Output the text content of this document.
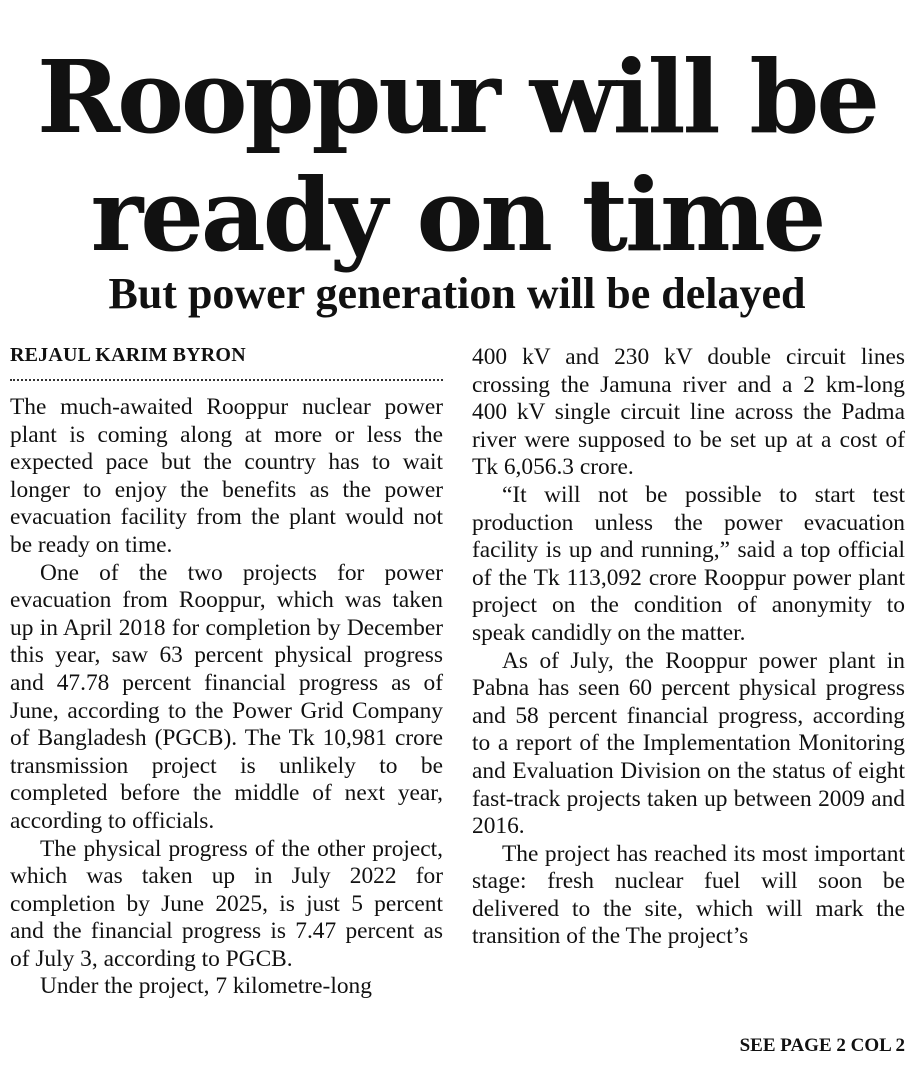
Rooppur will be ready on time
But power generation will be delayed
REJAUL KARIM BYRON

The much-awaited Rooppur nuclear power plant is coming along at more or less the expected pace but the country has to wait longer to enjoy the benefits as the power evacuation facility from the plant would not be ready on time.

One of the two projects for power evacuation from Rooppur, which was taken up in April 2018 for completion by December this year, saw 63 percent physical progress and 47.78 percent financial progress as of June, according to the Power Grid Company of Bangladesh (PGCB). The Tk 10,981 crore transmission project is unlikely to be completed before the middle of next year, according to officials.

The physical progress of the other project, which was taken up in July 2022 for completion by June 2025, is just 5 percent and the financial progress is 7.47 percent as of July 3, according to PGCB.

Under the project, 7 kilometre-long

400 kV and 230 kV double circuit lines crossing the Jamuna river and a 2 km-long 400 kV single circuit line across the Padma river were supposed to be set up at a cost of Tk 6,056.3 crore.

“It will not be possible to start test production unless the power evacuation facility is up and running,” said a top official of the Tk 113,092 crore Rooppur power plant project on the condition of anonymity to speak candidly on the matter.

As of July, the Rooppur power plant in Pabna has seen 60 percent physical progress and 58 percent financial progress, according to a report of the Implementation Monitoring and Evaluation Division on the status of eight fast-track projects taken up between 2009 and 2016.

The project has reached its most important stage: fresh nuclear fuel will soon be delivered to the site, which will mark the transition of the The project’s

SEE PAGE 2 COL 2
